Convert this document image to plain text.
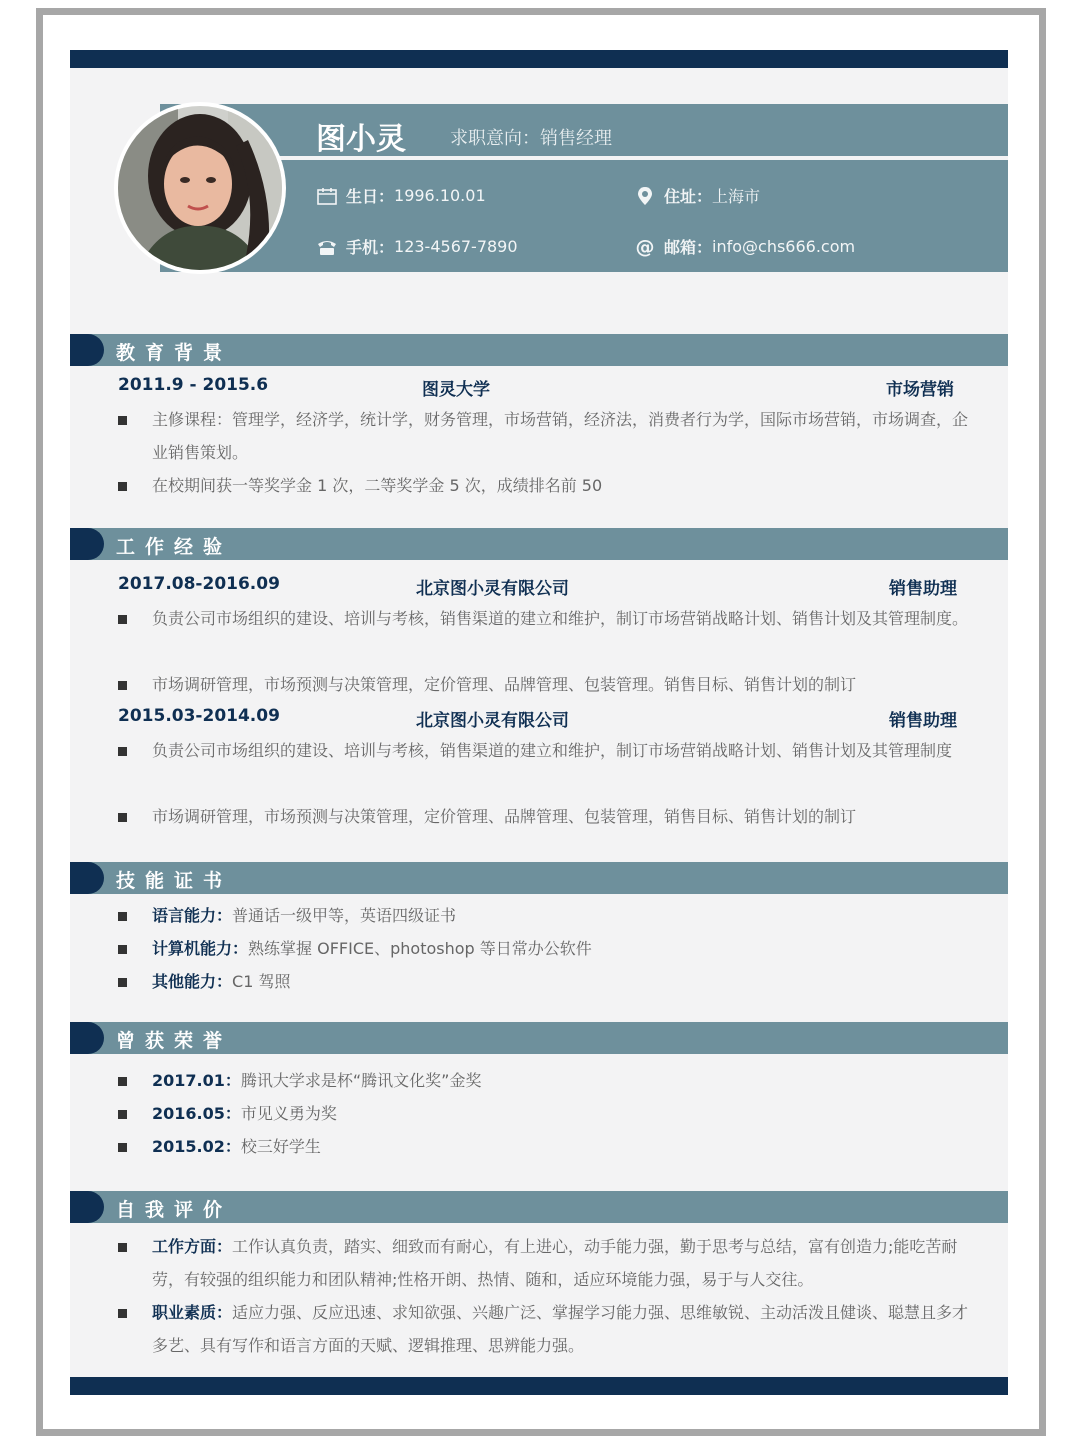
图小灵 求职意向：销售经理
生日： 1996.10.01	住址： 上海市
手机： 123-4567-7890	@ 邮箱： info@chs666.com
教育背景
2011.9 - 2015.6	图灵大学	市场营销
主修课程：管理学，经济学，统计学，财务管理，市场营销，经济法，消费者行为学，国际市场营销，市场调查，企业销售策划。
在校期间获一等奖学金 1 次，二等奖学金 5 次，成绩排名前 50
工作经验
2017.08-2016.09	北京图小灵有限公司	销售助理
负责公司市场组织的建设、培训与考核，销售渠道的建立和维护，制订市场营销战略计划、销售计划及其管理制度。
市场调研管理，市场预测与决策管理，定价管理、品牌管理、包装管理。销售目标、销售计划的制订
2015.03-2014.09	北京图小灵有限公司	销售助理
负责公司市场组织的建设、培训与考核，销售渠道的建立和维护，制订市场营销战略计划、销售计划及其管理制度
市场调研管理，市场预测与决策管理，定价管理、品牌管理、包装管理，销售目标、销售计划的制订
技能证书
语言能力：普通话一级甲等，英语四级证书
计算机能力：熟练掌握 OFFICE、photoshop 等日常办公软件
其他能力：C1 驾照
曾获荣誉
2017.01：腾讯大学求是杯“腾讯文化奖”金奖
2016.05：市见义勇为奖
2015.02：校三好学生
自我评价
工作方面：工作认真负责，踏实、细致而有耐心，有上进心，动手能力强，勤于思考与总结，富有创造力;能吃苦耐劳，有较强的组织能力和团队精神;性格开朗、热情、随和，适应环境能力强，易于与人交往。
职业素质：适应力强、反应迅速、求知欲强、兴趣广泛、掌握学习能力强、思维敏锐、主动活泼且健谈、聪慧且多才多艺、具有写作和语言方面的天赋、逻辑推理、思辨能力强。
